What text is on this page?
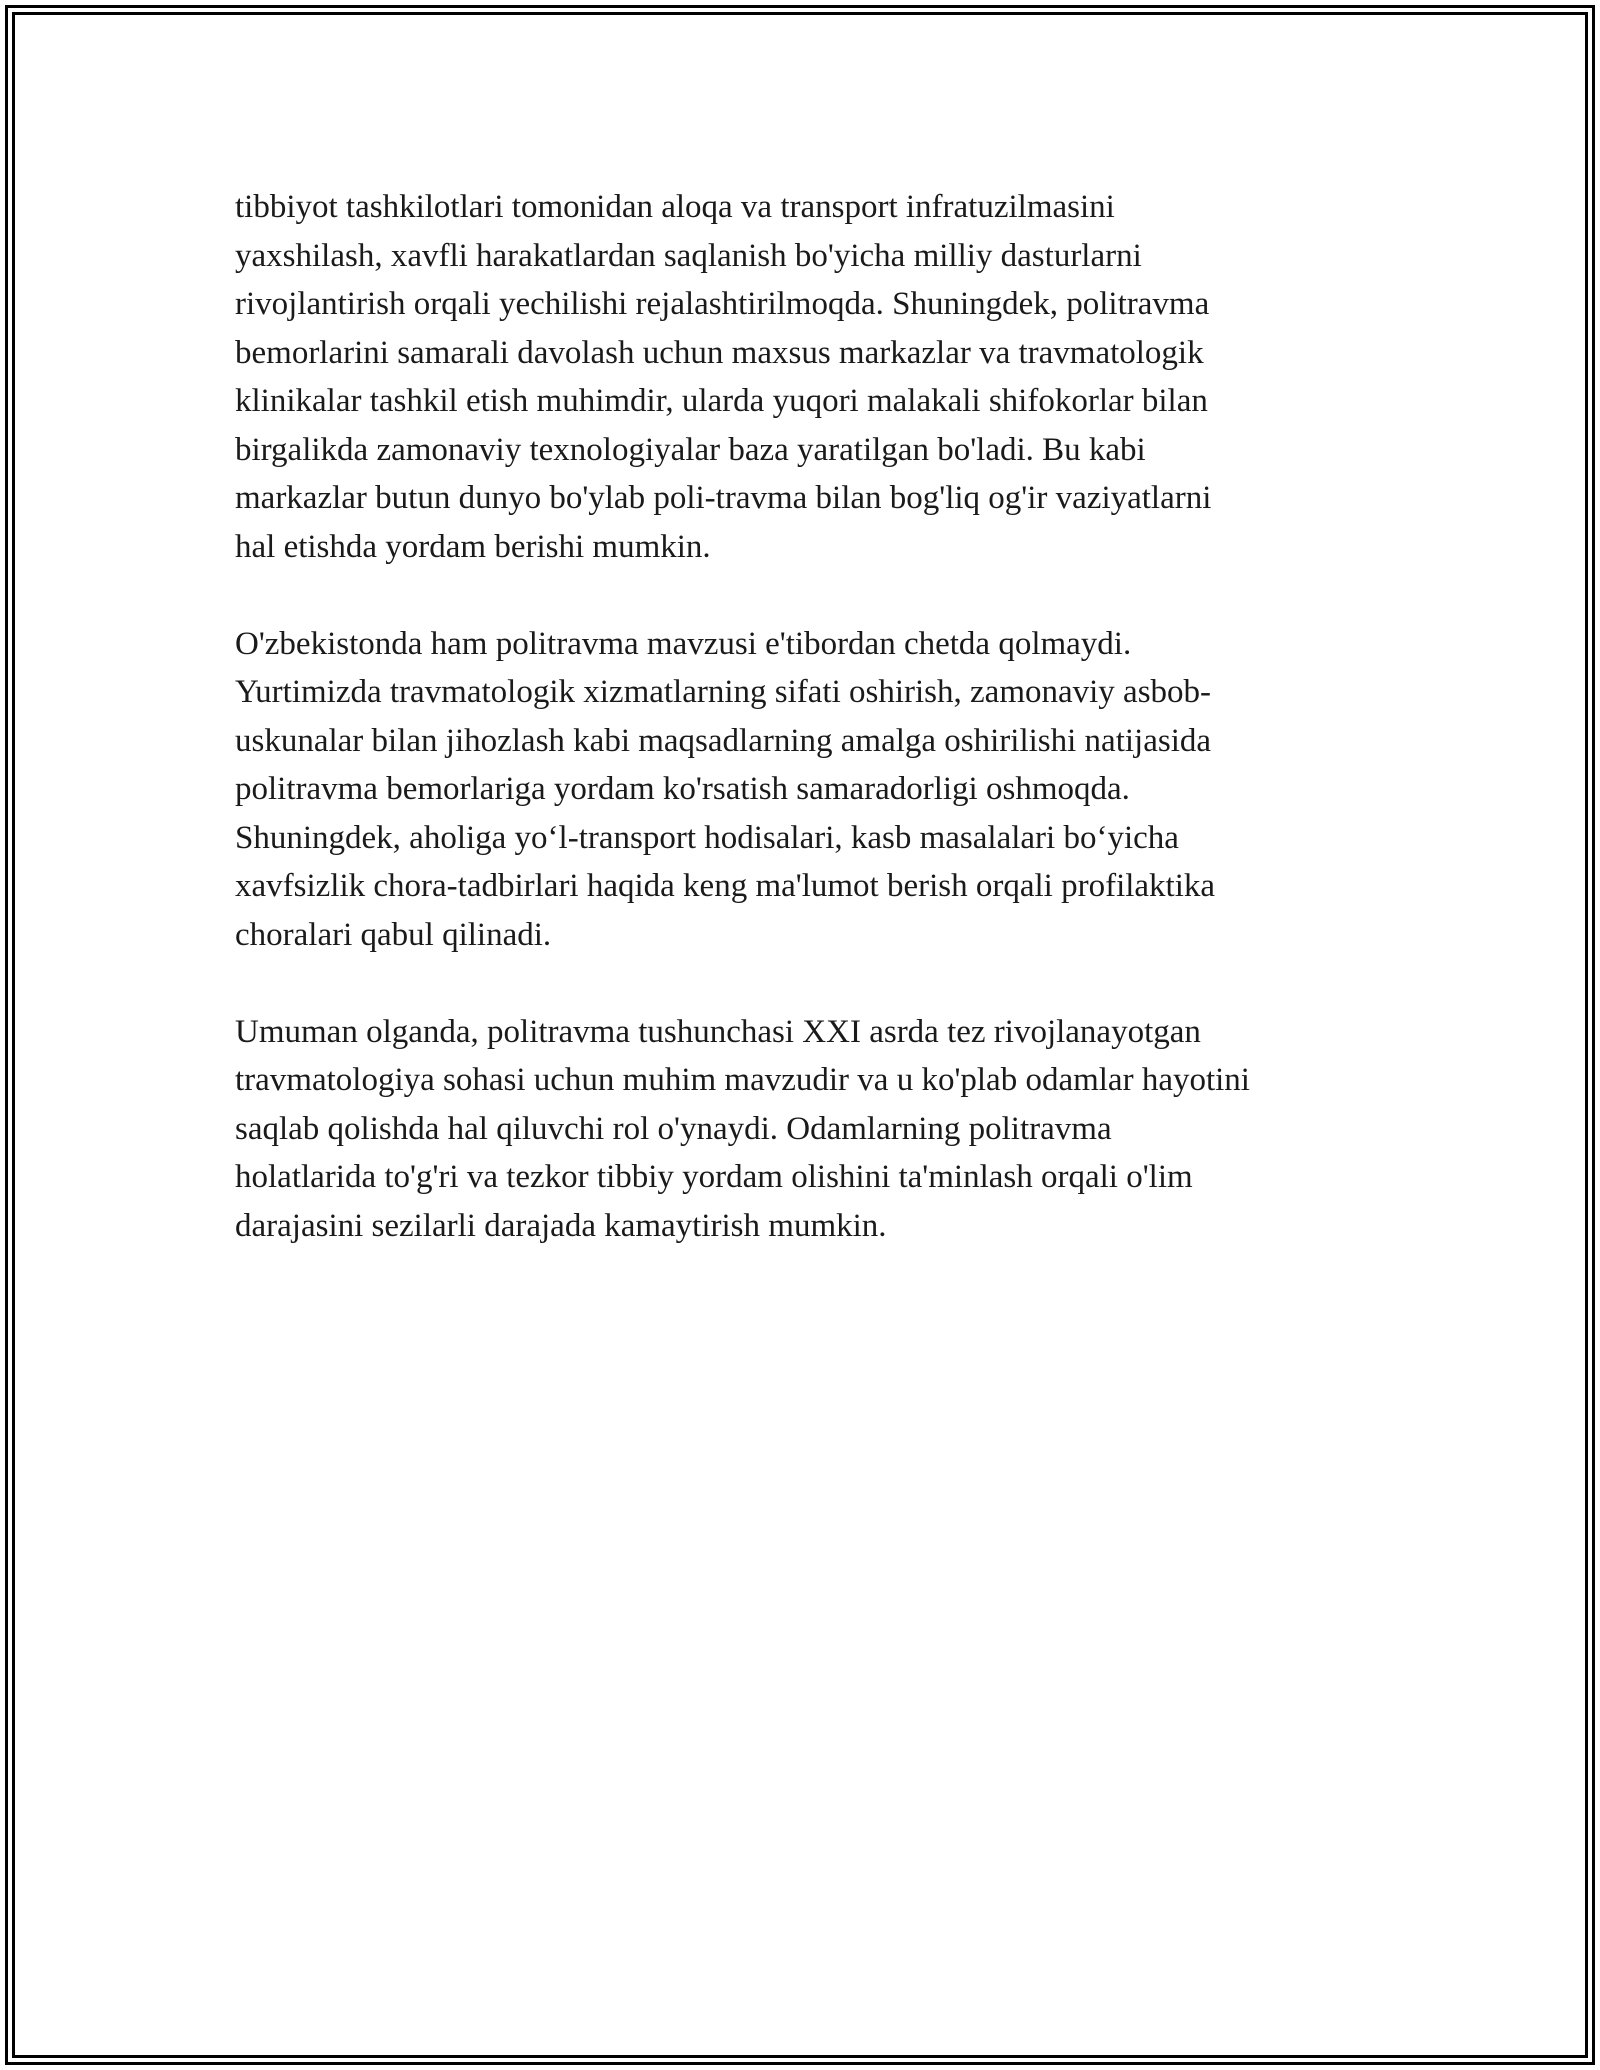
tibbiyot tashkilotlari tomonidan aloqa va transport infratuzilmasini
yaxshilash, xavfli harakatlardan saqlanish bo'yicha milliy dasturlarni
rivojlantirish orqali yechilishi rejalashtirilmoqda. Shuningdek, politravma
bemorlarini samarali davolash uchun maxsus markazlar va travmatologik
klinikalar tashkil etish muhimdir, ularda yuqori malakali shifokorlar bilan
birgalikda zamonaviy texnologiyalar baza yaratilgan bo'ladi. Bu kabi
markazlar butun dunyo bo'ylab poli-travma bilan bog'liq og'ir vaziyatlarni
hal etishda yordam berishi mumkin.
O'zbekistonda ham politravma mavzusi e'tibordan chetda qolmaydi.
Yurtimizda travmatologik xizmatlarning sifati oshirish, zamonaviy asbob-
uskunalar bilan jihozlash kabi maqsadlarning amalga oshirilishi natijasida
politravma bemorlariga yordam ko'rsatish samaradorligi oshmoqda.
Shuningdek, aholiga yo‘l-transport hodisalari, kasb masalalari bo‘yicha
xavfsizlik chora-tadbirlari haqida keng ma'lumot berish orqali profilaktika
choralari qabul qilinadi.
Umuman olganda, politravma tushunchasi XXI asrda tez rivojlanayotgan
travmatologiya sohasi uchun muhim mavzudir va u ko'plab odamlar hayotini
saqlab qolishda hal qiluvchi rol o'ynaydi. Odamlarning politravma
holatlarida to'g'ri va tezkor tibbiy yordam olishini ta'minlash orqali o'lim
darajasini sezilarli darajada kamaytirish mumkin.
